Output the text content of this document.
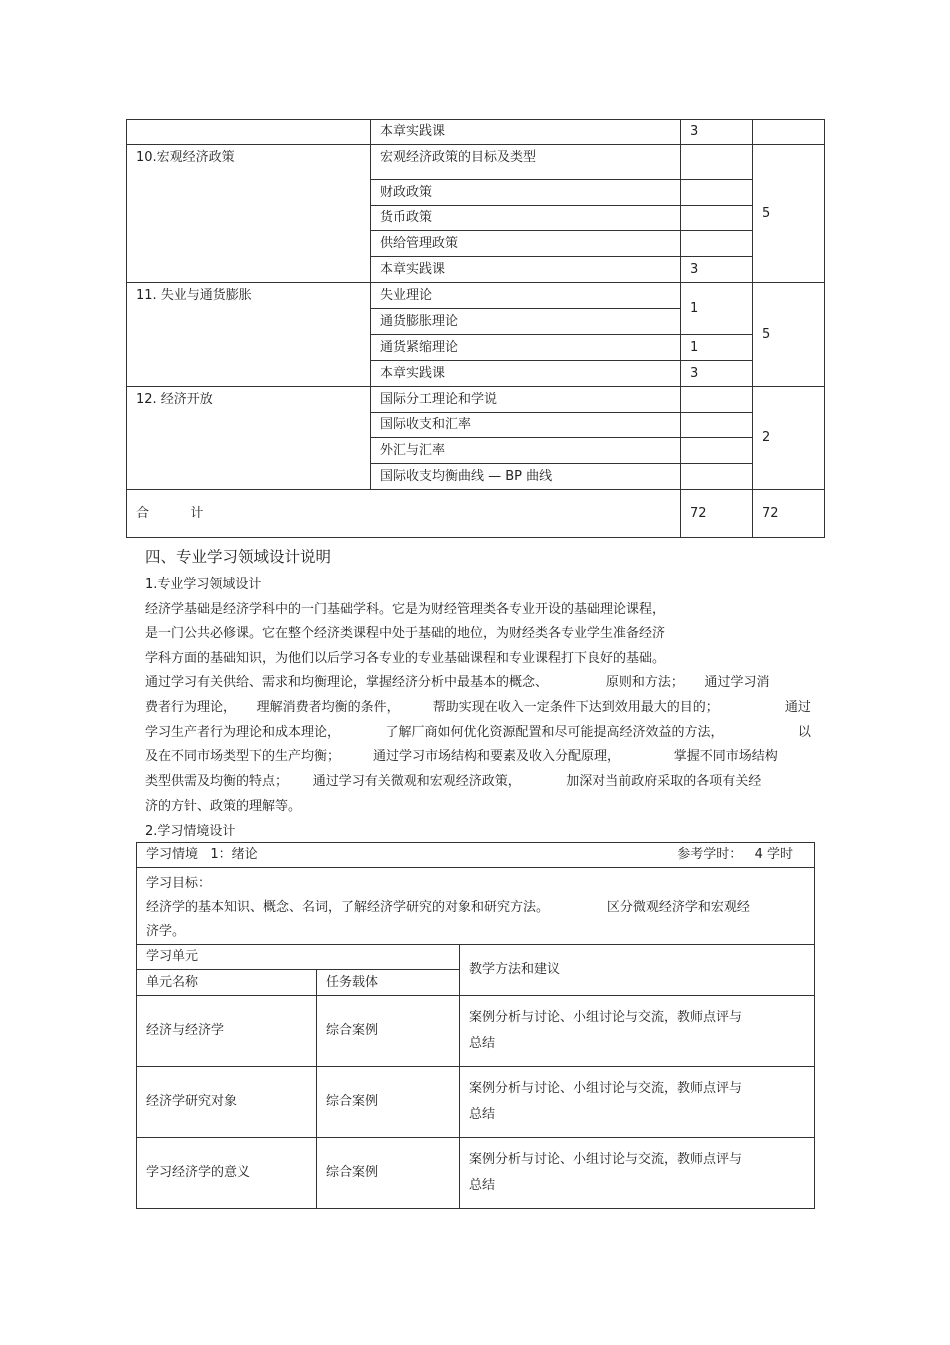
	本章实践课	3	
10.宏观经济政策	宏观经济政策的目标及类型		5
	财政政策		
	货币政策		
	供给管理政策		
	本章实践课	3	
11. 失业与通货膨胀	失业理论	1	5
	通货膨胀理论		
	通货紧缩理论	1	
	本章实践课	3	
12. 经济开放	国际分工理论和学说		2
	国际收支和汇率		
	外汇与汇率		
	国际收支均衡曲线 — BP 曲线		
合          计		72	72
四、专业学习领域设计说明
1.专业学习领域设计
经济学基础是经济学科中的一门基础学科。它是为财经管理类各专业开设的基础理论课程，
是一门公共必修课。它在整个经济类课程中处于基础的地位，为财经类各专业学生准备经济
学科方面的基础知识，为他们以后学习各专业的专业基础课程和专业课程打下良好的基础。
通过学习有关供给、需求和均衡理论，掌握经济分析中最基本的概念、              原则和方法；     通过学习消
费者行为理论，     理解消费者均衡的条件，        帮助实现在收入一定条件下达到效用最大的目的；                通过
学习生产者行为理论和成本理论，           了解厂商如何优化资源配置和尽可能提高经济效益的方法，                  以
及在不同市场类型下的生产均衡；        通过学习市场结构和要素及收入分配原理，             掌握不同市场结构
类型供需及均衡的特点；      通过学习有关微观和宏观经济政策，           加深对当前政府采取的各项有关经
济的方针、政策的理解等。
2.学习情境设计
学习情境   1：绪论 参考学时：   4 学时		

学习目标：
经济学的基本知识、概念、名词，了解经济学研究的对象和研究方法。              区分微观经济学和宏观经
济学。		

学习单元		教学方法和建议
单元名称	任务载体	
经济与经济学	综合案例	案例分析与讨论、小组讨论与交流，教师点评与
总结

经济学研究对象	综合案例	案例分析与讨论、小组讨论与交流，教师点评与
总结

学习经济学的意义	综合案例	案例分析与讨论、小组讨论与交流，教师点评与
总结
